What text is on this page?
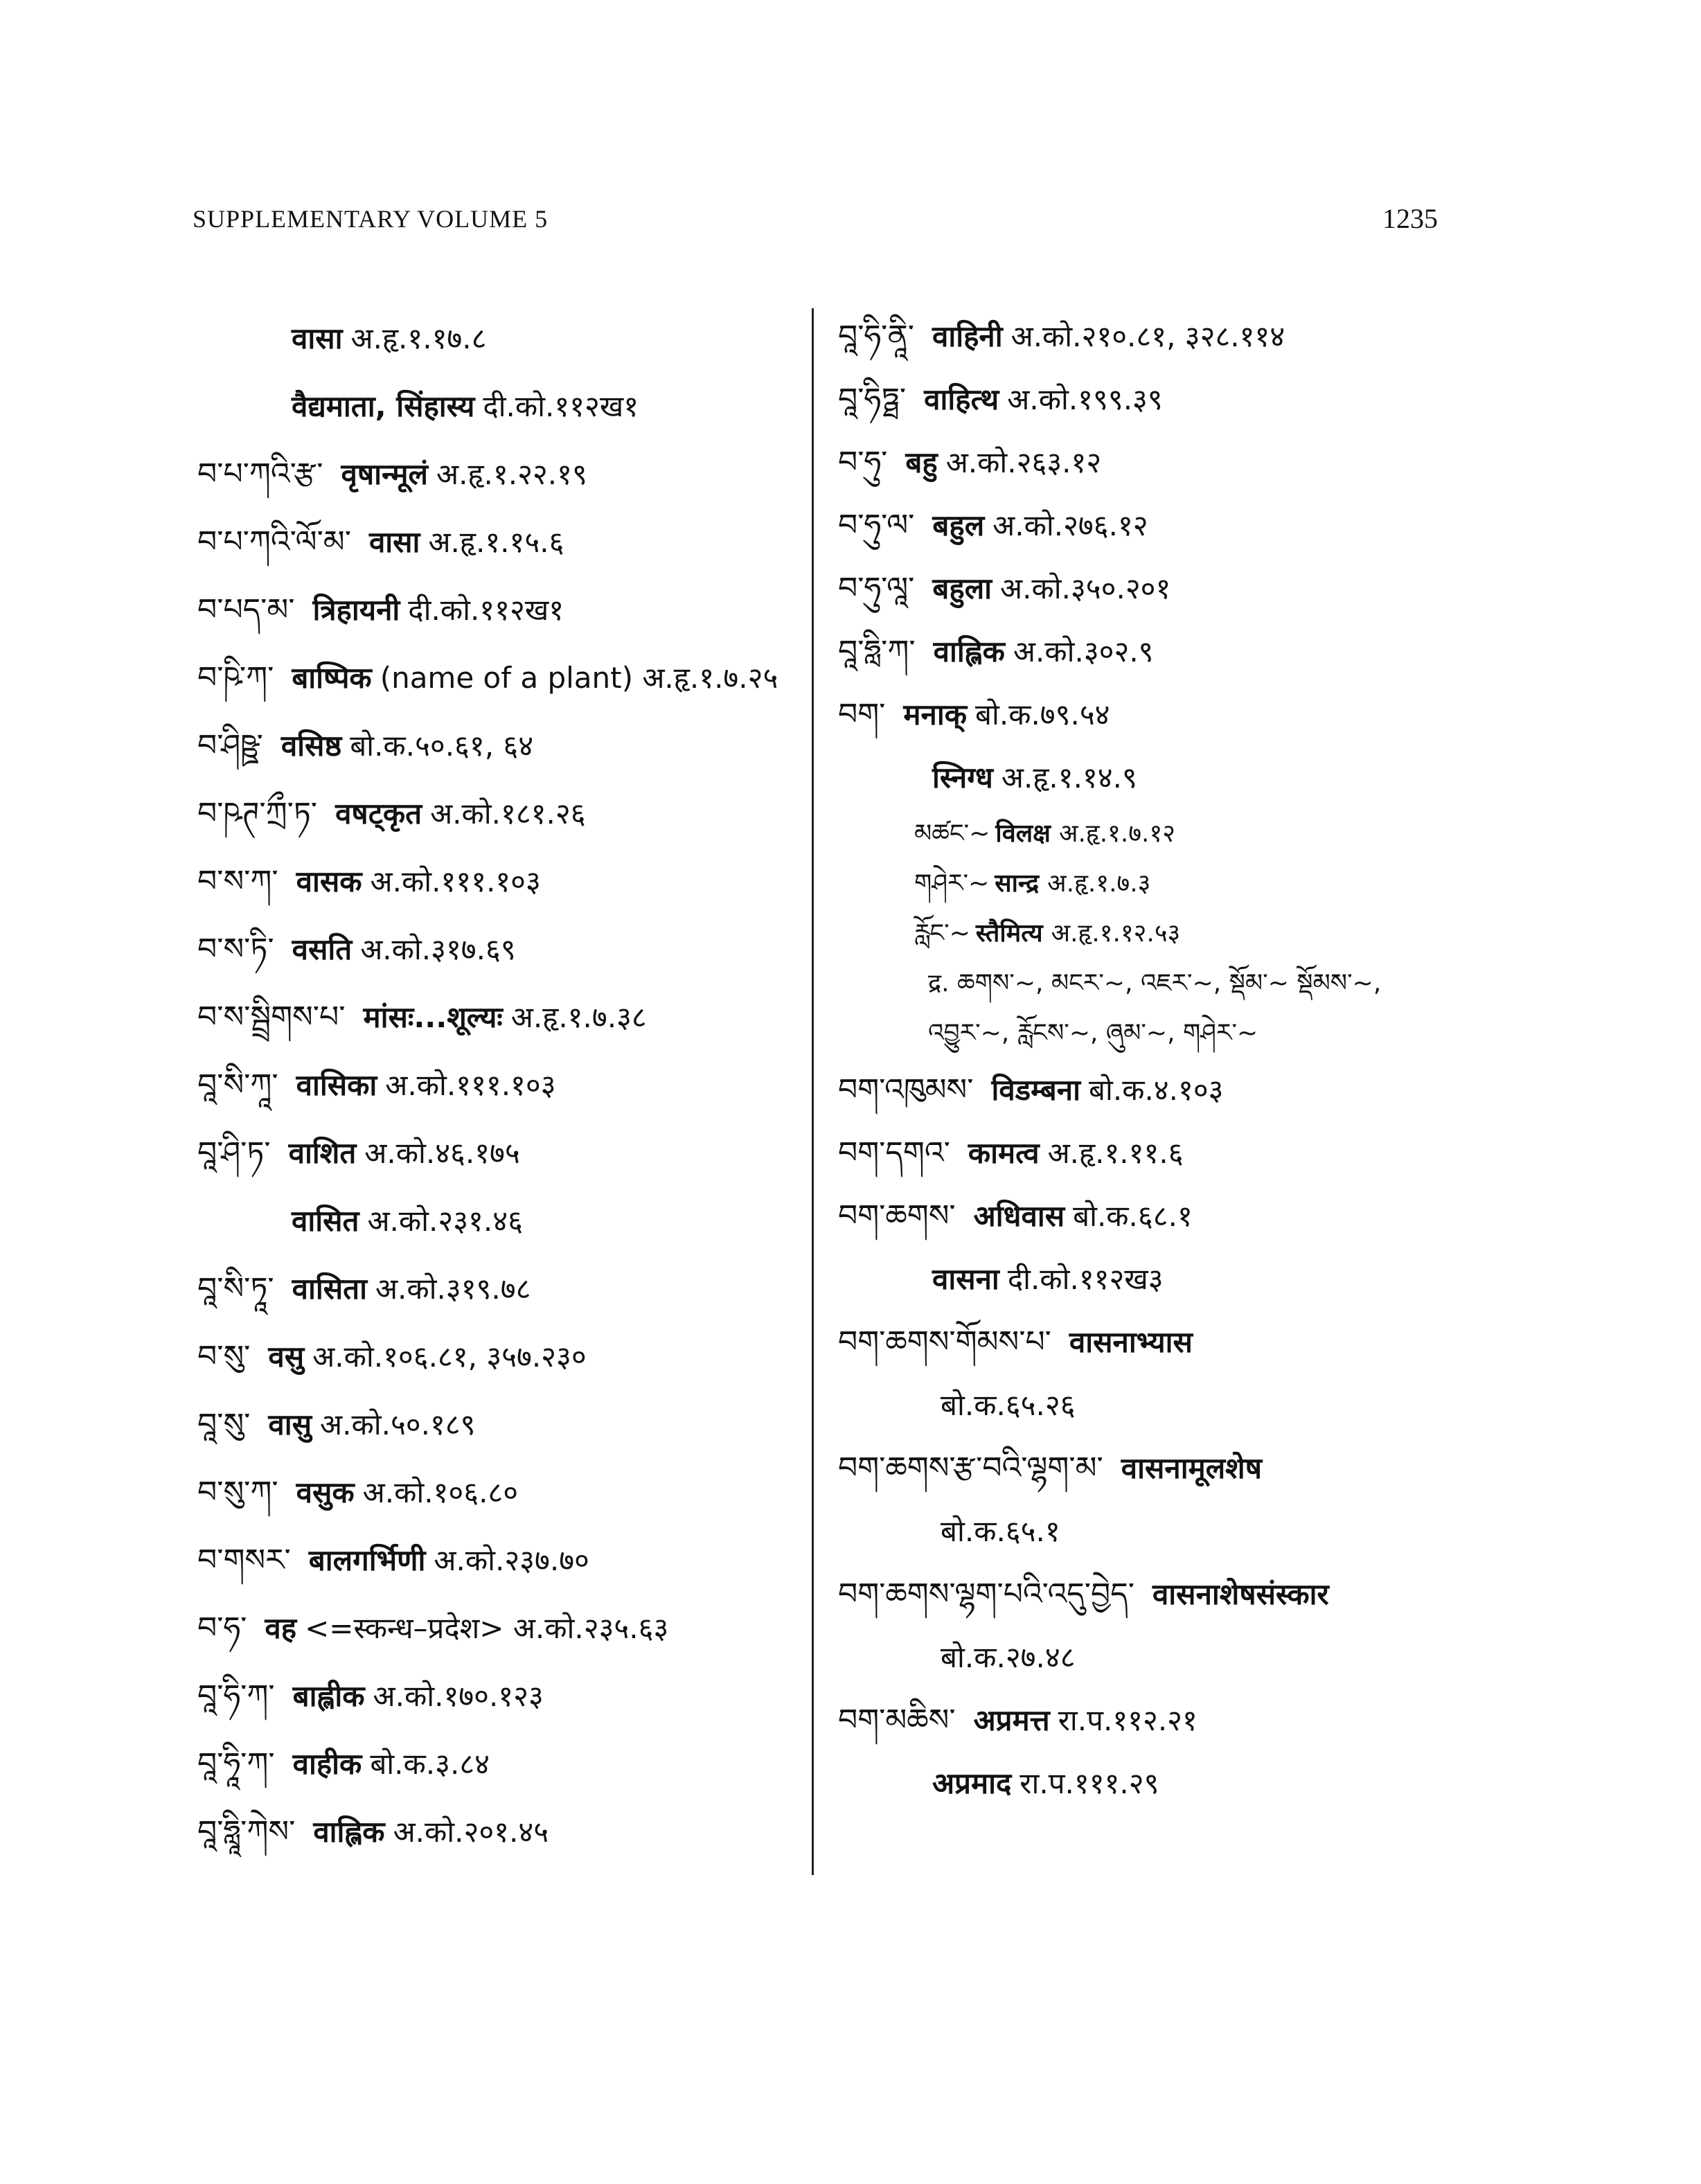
SUPPLEMENTARY VOLUME 5	1235
वासा अ.हृ.१.१७.८
वैद्यमाता, सिंहास्य दी.को.११२ख१
བ་པ་ཀའི་རྩ་ वृषान्मूलं अ.हृ.१.२२.१९
བ་པ་ཀའི་ལོ་མ་ वासा अ.हृ.१.१५.६
བ་པད་མ་ त्रिहायनी दी.को.११२ख१
བ་ཥི་ཀ་ बाष्पिक (name of a plant) अ.हृ.१.७.२५
བ་ཤིཥྛ་ वसिष्ठ बो.क.५०.६१, ६४
བ་ཥཊ་ཀྲྀ་ཏ་ वषट्कृत अ.को.१८१.२६
བ་ས་ཀ་ वासक अ.को.१११.१०३
བ་ས་ཏི་ वसति अ.को.३१७.६९
བ་ས་སྦྲིགས་པ་ मांसः...शूल्यः अ.हृ.१.७.३८
བཱ་སི་ཀཱ་ वासिका अ.को.१११.१०३
བཱ་ཤི་ཏ་ वाशित अ.को.४६.१७५
वासित अ.को.२३१.४६
བཱ་སི་ཏཱ་ वासिता अ.को.३१९.७८
བ་སུ་ वसु अ.को.१०६.८१, ३५७.२३०
བཱ་སུ་ वासु अ.को.५०.१८९
བ་སུ་ཀ་ वसुक अ.को.१०६.८०
བ་གསར་ बालगर्भिणी अ.को.२३७.७०
བ་ཧ་ वह <=स्कन्ध–प्रदेश> अ.को.२३५.६३
བཱ་ཧི་ཀ་ बाह्लीक अ.को.१७०.१२३
བཱ་ཧཱི་ཀ་ वाहीक बो.क.३.८४
བཱ་ཧླཱི་ཀེས་ वाह्लिक अ.को.२०१.४५
བཱ་ཧི་ནཱི་ वाहिनी अ.को.२१०.८१, ३२८.११४
བཱ་ཧིཏྠ་ वाहित्थ अ.को.१९९.३९
བ་ཧུ་ बहु अ.को.२६३.१२
བ་ཧུ་ལ་ बहुल अ.को.२७६.१२
བ་ཧུ་ལཱ་ बहुला अ.को.३५०.२०१
བཱ་ཧླི་ཀ་ वाह्लिक अ.को.३०२.९
བག་ मनाक् बो.क.७९.५४
स्निग्ध अ.हृ.१.१४.९
མཚང་~ विलक्ष अ.हृ.१.७.१२
གཤེར་~ सान्द्र अ.हृ.१.७.३
རློང་~ स्तैमित्य अ.हृ.१.१२.५३
द्र. ཆགས་~, མངར་~, འཇར་~, སྡོམ་~ སྡོམས་~,
འབྱུར་~, རློངས་~, ཞུམ་~, གཤེར་~
བག་འཁུམས་ विडम्बना बो.क.४.१०३
བག་དགའ་ कामत्व अ.हृ.१.११.६
བག་ཆགས་ अधिवास बो.क.६८.१
वासना दी.को.११२ख३
བག་ཆགས་གོམས་པ་ वासनाभ्यास
बो.क.६५.२६
བག་ཆགས་རྩ་བའི་ལྷག་མ་ वासनामूलशेष
बो.क.६५.१
བག་ཆགས་ལྷག་པའི་འདུ་བྱེད་ वासनाशेषसंस्कार
बो.क.२७.४८
བག་མཆིས་ अप्रमत्त रा.प.११२.२१
अप्रमाद रा.प.१११.२९
